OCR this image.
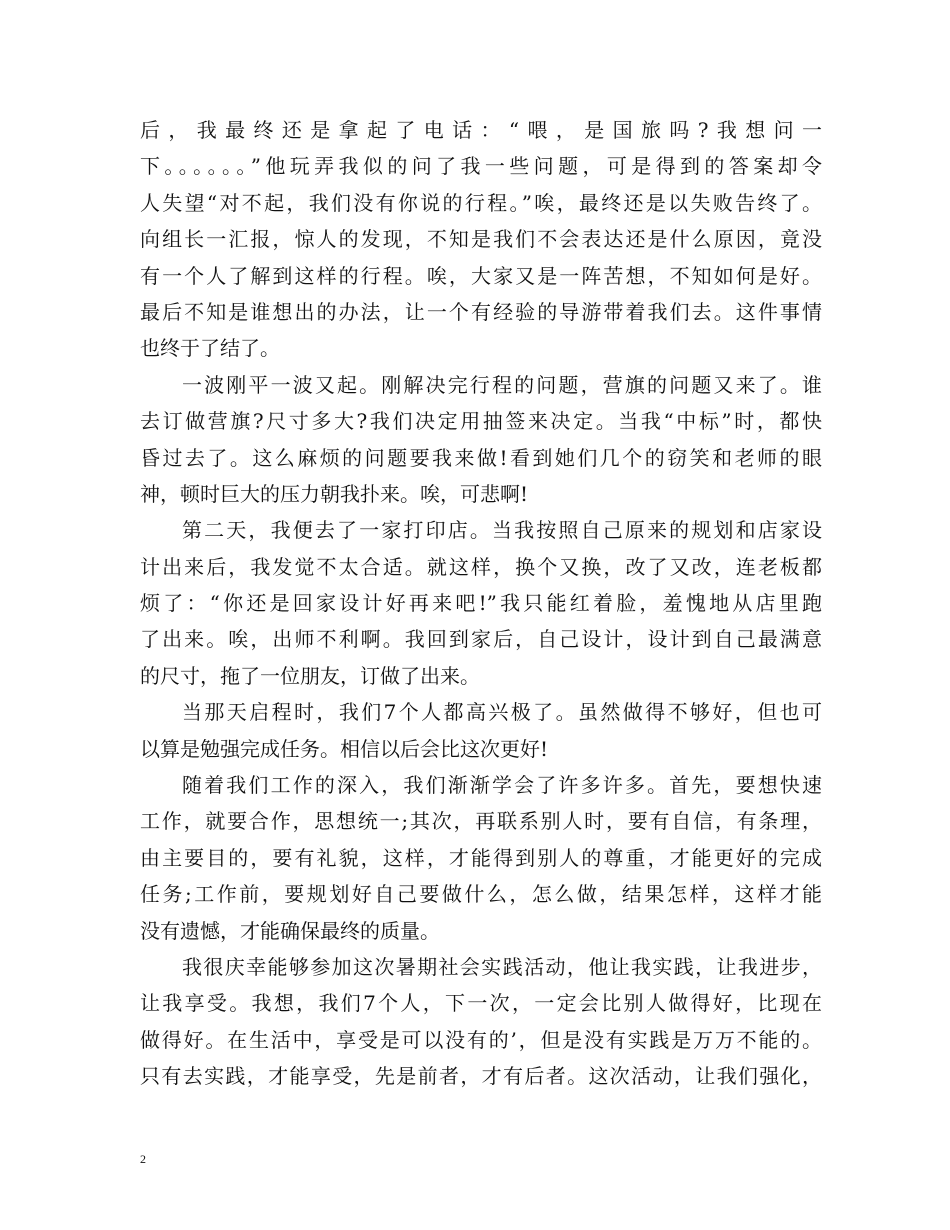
后，我最终还是拿起了电话：“喂，是国旅吗?我想问一
下。。。。。。”他玩弄我似的问了我一些问题，可是得到的答案却令
人失望“对不起，我们没有你说的行程。”唉，最终还是以失败告终了。
向组长一汇报，惊人的发现，不知是我们不会表达还是什么原因，竟没
有一个人了解到这样的行程。唉，大家又是一阵苦想，不知如何是好。
最后不知是谁想出的办法，让一个有经验的导游带着我们去。这件事情
也终于了结了。
一波刚平一波又起。刚解决完行程的问题，营旗的问题又来了。谁
去订做营旗?尺寸多大?我们决定用抽签来决定。当我“中标”时，都快
昏过去了。这么麻烦的问题要我来做!看到她们几个的窃笑和老师的眼
神，顿时巨大的压力朝我扑来。唉，可悲啊!
第二天，我便去了一家打印店。当我按照自己原来的规划和店家设
计出来后，我发觉不太合适。就这样，换个又换，改了又改，连老板都
烦了：“你还是回家设计好再来吧!”我只能红着脸，羞愧地从店里跑
了出来。唉，出师不利啊。我回到家后，自己设计，设计到自己最满意
的尺寸，拖了一位朋友，订做了出来。
当那天启程时，我们7个人都高兴极了。虽然做得不够好，但也可
以算是勉强完成任务。相信以后会比这次更好!
随着我们工作的深入，我们渐渐学会了许多许多。首先，要想快速
工作，就要合作，思想统一;其次，再联系别人时，要有自信，有条理，
由主要目的，要有礼貌，这样，才能得到别人的尊重，才能更好的完成
任务;工作前，要规划好自己要做什么，怎么做，结果怎样，这样才能
没有遗憾，才能确保最终的质量。
我很庆幸能够参加这次暑期社会实践活动，他让我实践，让我进步，
让我享受。我想，我们7个人，下一次，一定会比别人做得好，比现在
做得好。在生活中，享受是可以没有的’，但是没有实践是万万不能的。
只有去实践，才能享受，先是前者，才有后者。这次活动，让我们强化，
2
